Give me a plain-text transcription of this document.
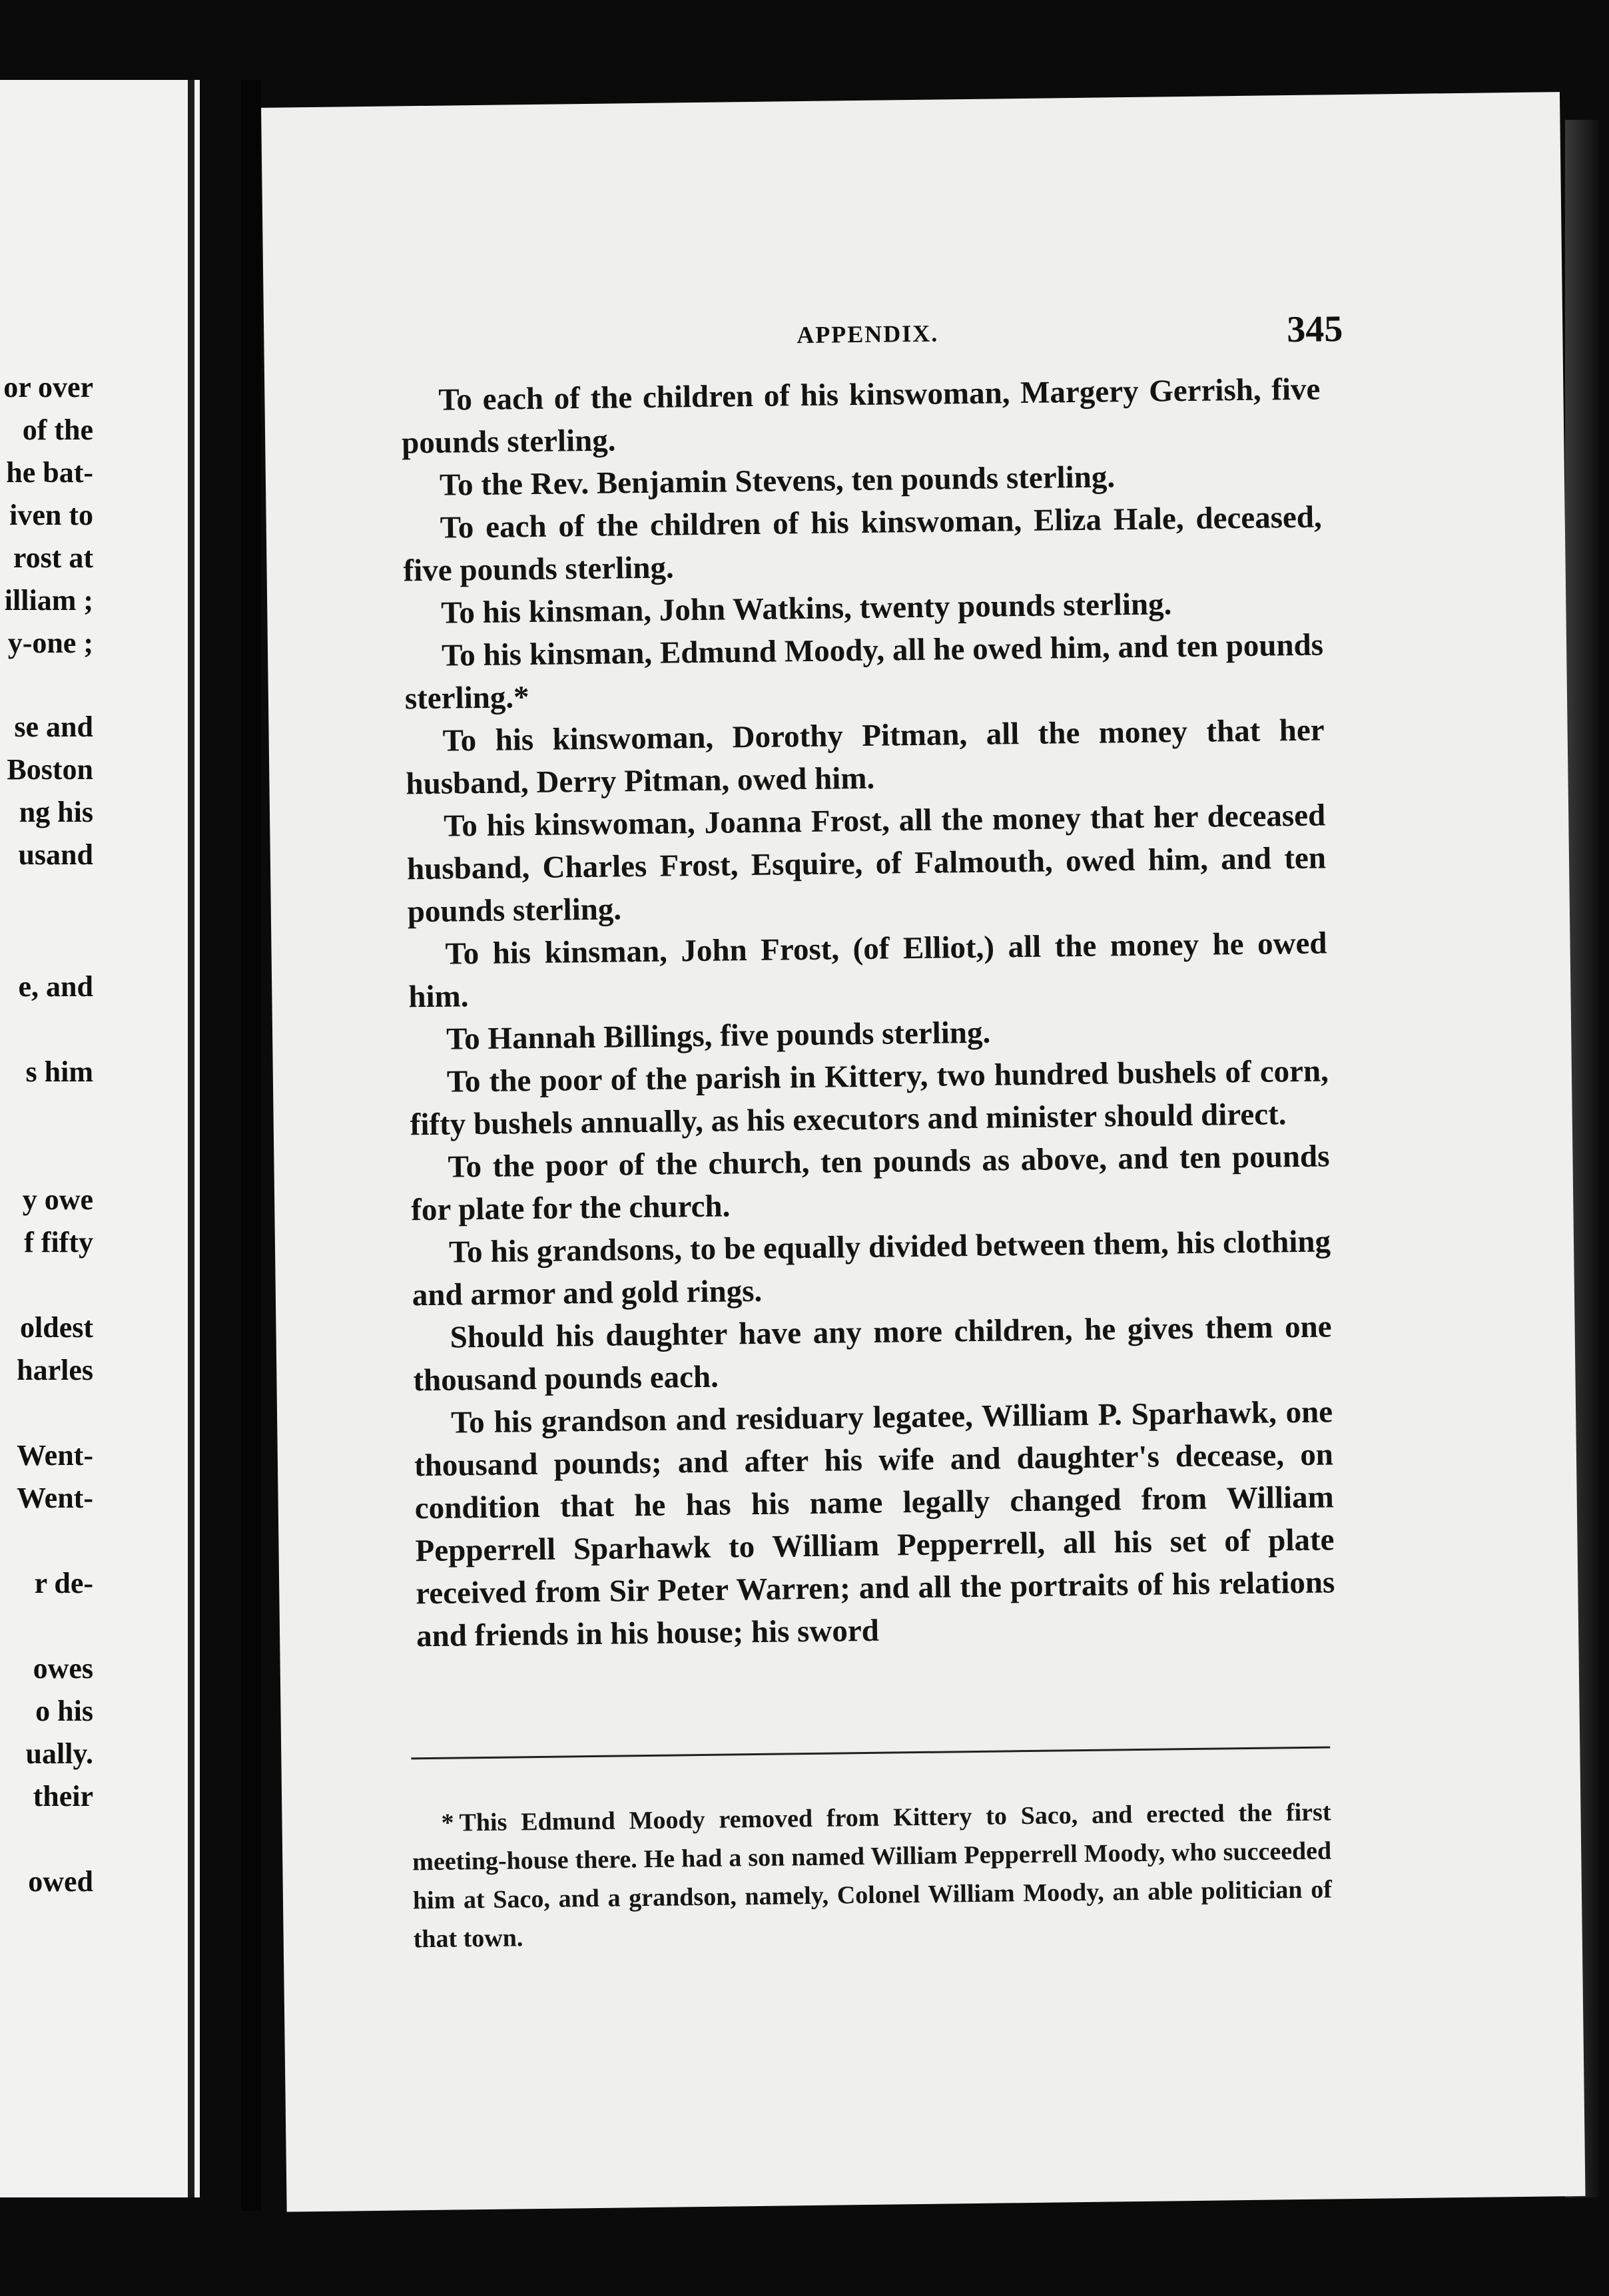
or over
of the
he bat-
iven to
rost at
illiam ;
y-one ;
se and
Boston
ng his
usand
e, and
s him
y owe
f fifty
oldest
harles
Went-
Went-
r de-
owes
o his
ually.
their
owed
APPENDIX.	345

To each of the children of his kinswoman, Margery Gerrish, five pounds sterling.

To the Rev. Benjamin Stevens, ten pounds sterling.

To each of the children of his kinswoman, Eliza Hale, deceased, five pounds sterling.

To his kinsman, John Watkins, twenty pounds sterling.

To his kinsman, Edmund Moody, all he owed him, and ten pounds sterling.*

To his kinswoman, Dorothy Pitman, all the money that her husband, Derry Pitman, owed him.

To his kinswoman, Joanna Frost, all the money that her deceased husband, Charles Frost, Esquire, of Falmouth, owed him, and ten pounds sterling.

To his kinsman, John Frost, (of Elliot,) all the money he owed him.

To Hannah Billings, five pounds sterling.

To the poor of the parish in Kittery, two hundred bushels of corn, fifty bushels annually, as his executors and minister should direct.

To the poor of the church, ten pounds as above, and ten pounds for plate for the church.

To his grandsons, to be equally divided between them, his clothing and armor and gold rings.

Should his daughter have any more children, he gives them one thousand pounds each.

To his grandson and residuary legatee, William P. Sparhawk, one thousand pounds; and after his wife and daughter's decease, on condition that he has his name legally changed from William Pepperrell Sparhawk to William Pepperrell, all his set of plate received from Sir Peter Warren; and all the portraits of his relations and friends in his house; his sword

* This Edmund Moody removed from Kittery to Saco, and erected the first meeting-house there. He had a son named William Pepperrell Moody, who succeeded him at Saco, and a grandson, namely, Colonel William Moody, an able politician of that town.
